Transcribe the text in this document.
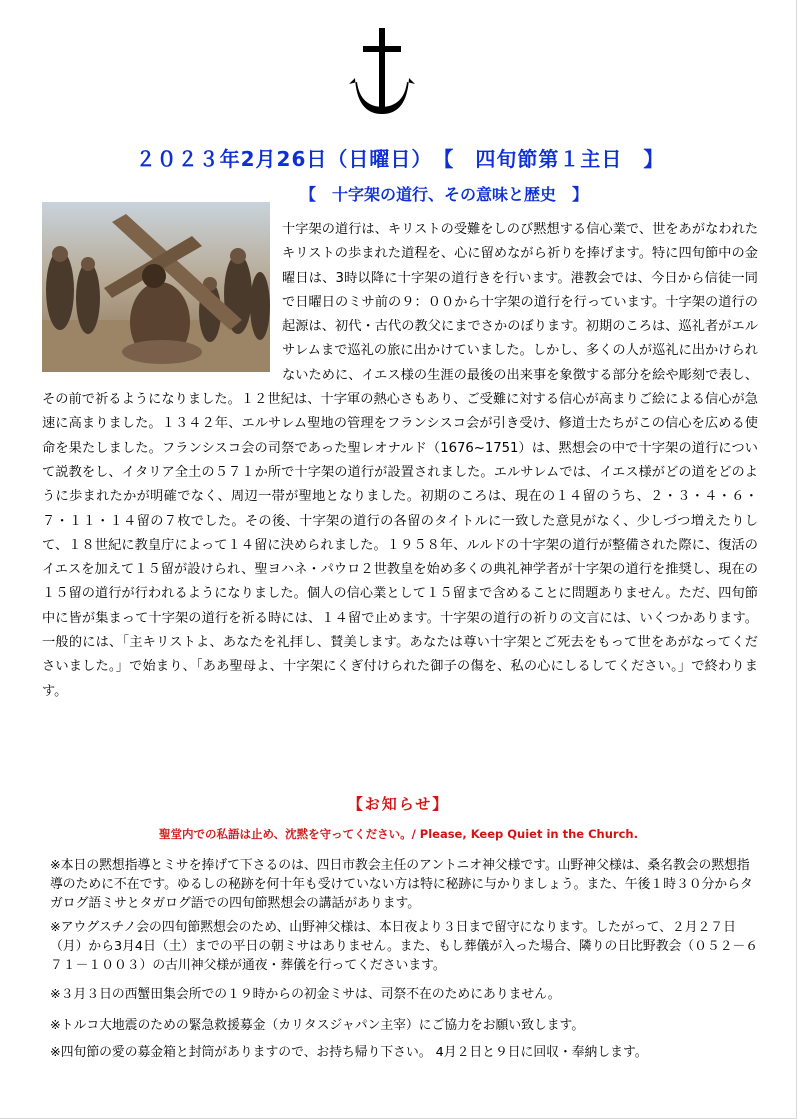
２０２３年2月26日（日曜日）　【　四旬節第１主日　】
【　十字架の道行、その意味と歴史　】

十字架の道行は、キリストの受難をしのび黙想する信心業で、世をあがなわれたキリストの歩まれた道程を、心に留めながら祈りを捧げます。特に四旬節中の金曜日は、3時以降に十字架の道行きを行います。港教会では、今日から信徒一同で日曜日のミサ前の９：００から十字架の道行を行っています。十字架の道行の起源は、初代・古代の教父にまでさかのぼります。初期のころは、巡礼者がエルサレムまで巡礼の旅に出かけていました。しかし、多くの人が巡礼に出かけられないために、イエス様の生涯の最後の出来事を象徴する部分を絵や彫刻で表し、その前で祈るようになりました。１２世紀は、十字軍の熱心さもあり、ご受難に対する信心が高まりご絵による信心が急速に高まりました。１３４２年、エルサレム聖地の管理をフランシスコ会が引き受け、修道士たちがこの信心を広める使命を果たしました。フランシスコ会の司祭であった聖レオナルド（1676~1751）は、黙想会の中で十字架の道行について説教をし、イタリア全土の５７１か所で十字架の道行が設置されました。エルサレムでは、イエス様がどの道をどのように歩まれたかが明確でなく、周辺一帯が聖地となりました。初期のころは、現在の１４留のうち、２・３・４・６・７・１１・１４留の７枚でした。その後、十字架の道行の各留のタイトルに一致した意見がなく、少しづつ増えたりして、１８世紀に教皇庁によって１４留に決められました。１９５８年、ルルドの十字架の道行が整備された際に、復活のイエスを加えて１５留が設けられ、聖ヨハネ・パウロ２世教皇を始め多くの典礼神学者が十字架の道行を推奨し、現在の１５留の道行が行われるようになりました。個人の信心業として１５留まで含めることに問題ありません。ただ、四旬節中に皆が集まって十字架の道行を祈る時には、１４留で止めます。十字架の道行の祈りの文言には、いくつかあります。一般的には、「主キリストよ、あなたを礼拝し、賛美します。あなたは尊い十字架とご死去をもって世をあがなってくださいました。」で始まり、「ああ聖母よ、十字架にくぎ付けられた御子の傷を、私の心にしるしてください。」で終わります。

【お知らせ】
聖堂内での私語は止め、沈黙を守ってください。/ Please, Keep Quiet in the Church.
※本日の黙想指導とミサを捧げて下さるのは、四日市教会主任のアントニオ神父様です。山野神父様は、桑名教会の黙想指導のために不在です。ゆるしの秘跡を何十年も受けていない方は特に秘跡に与かりましょう。また、午後１時３０分からタガログ語ミサとタガログ語での四旬節黙想会の講話があります。
※アウグスチノ会の四旬節黙想会のため、山野神父様は、本日夜より３日まで留守になります。したがって、２月２７日（月）から3月4日（土）までの平日の朝ミサはありません。また、もし葬儀が入った場合、隣りの日比野教会（０５２－６７１－１００３）の古川神父様が通夜・葬儀を行ってくださいます。
※３月３日の西蟹田集会所での１９時からの初金ミサは、司祭不在のためにありません。
※トルコ大地震のための緊急救援募金（カリタスジャパン主宰）にご協力をお願い致します。
※四旬節の愛の募金箱と封筒がありますので、お持ち帰り下さい。 4月２日と９日に回収・奉納します。
